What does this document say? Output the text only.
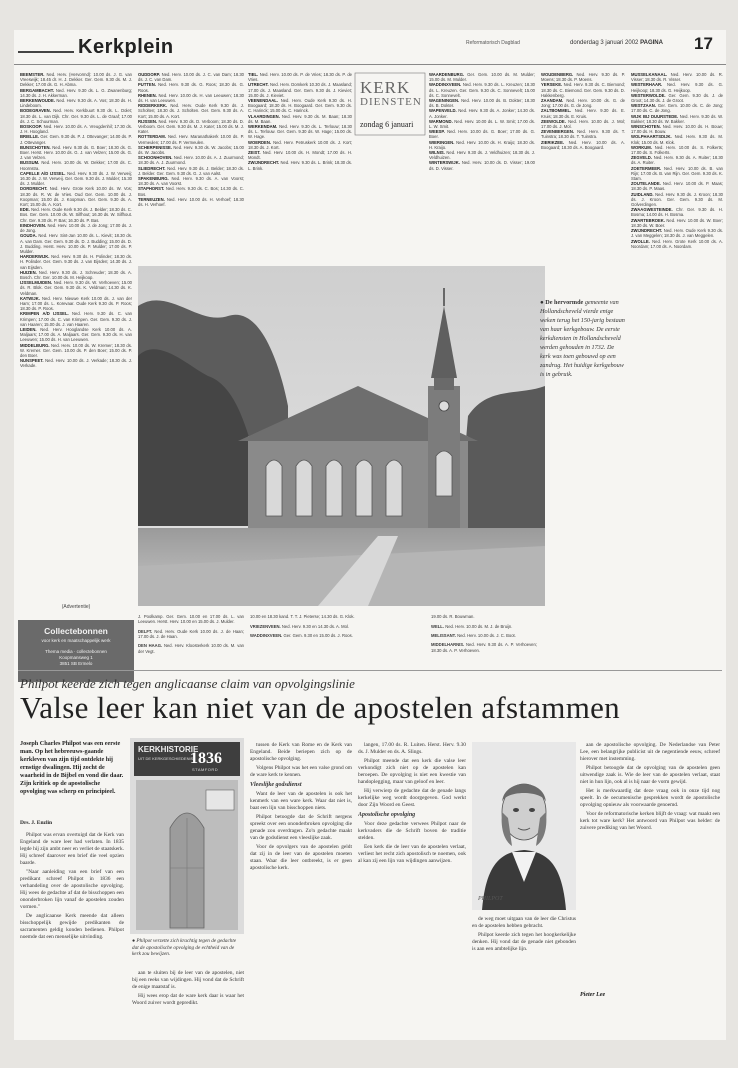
Kerkplein	Reformatorisch Dagblad	donderdag 3 januari 2002 PAGINA 17

BEEMSTER. Ned. Herv. (Hervormd): 10.00 ds. J. G. van Vreeswijk; 18.45 dr. H. J. Dekker. Ger. Gem. 9.30 ds. M. J. Dekker; 17.00 ds. G. H. Abma.

BERGAMBACHT. Ned. Herv. 9.30 ds. L. G. Zwanenburg; 14.30 ds. J. H. Akkerman.

BERKENWOUDE. Ned. Herv. 9.30 ds. A. Vos; 18.30 ds. H. Lindeboom.

BODEGRAVEN. Ned. Herv. Kerkbuurt 9.30 ds. L. Dolet; 18.30 ds. L. van Dijk. Chr. Ger. 9.30 ds. L. de Graaf; 17.00 ds. J. C. Schuurman.

BOSKOOP. Ned. Herv. 10.00 ds. A. Vreugdenhil; 17.30 ds. J. H. Hoogland.

BRIELLE. Ger. Gem. 9.30 ds. P. J. Ottevanger; 14.00 ds. P. J. Ottevanger.

BUNSCHOTEN. Ned. Herv. 9.30 ds. G. Boer; 18.30 ds. G. Boer. Herst. Herv. 10.00 ds. G. J. van Velzen; 15.00 ds. G. J. van Velzen.

BUSSUM. Ned. Herv. 10.00 ds. W. Dekker; 17.00 ds. C. Hoornstra.

CAPELLE A/D IJSSEL. Ned. Herv. 9.30 ds. J. W. Verweij; 16.30 ds. J. W. Verweij. Ger. Gem. 9.30 ds. J. Mulder; 15.30 ds. J. Mulder.

DORDRECHT. Ned. Herv. Grote Kerk 10.00 ds. W. Vos; 18.30 ds. R. W. de Vries. Oud Ger. Gem. 10.00 ds. J. Koopman; 15.00 ds. J. Koopman. Ger. Gem. 9.30 ds. A. Kort; 15.00 ds. A. Kort.

EDE. Ned. Herv. Oude Kerk 9.30 ds. J. Belder; 18.30 ds. C. Bos. Ger. Gem. 10.00 ds. W. Silfhout; 16.30 ds. W. Silfhout. Chr. Ger. 9.30 ds. P. Bas; 16.30 ds. P. Bas.

EINDHOVEN. Ned. Herv. 10.00 ds. J. de Jong; 17.00 ds. J. de Jong.

GOUDA. Ned. Herv. Sint-Jan 10.00 ds. L. Kievit; 18.30 ds. A. van Dam. Ger. Gem. 9.30 ds. D. J. Budding; 15.00 ds. D. J. Budding. Herst. Herv. 10.00 ds. P. Mulder; 17.00 ds. P. Mulder.

HARDERWIJK. Ned. Herv. 9.30 ds. H. Polinder; 18.30 ds. H. Polinder. Ger. Gem. 9.30 ds. J. van Eijsden; 14.30 ds. J. van Eijsden.

HUIZEN. Ned. Herv. 9.30 ds. J. Schreuder; 18.30 ds. A. Bosch. Chr. Ger. 10.00 ds. M. Heijkoop.

IJSSELMUIDEN. Ned. Herv. 9.30 ds. W. Verhoeven; 15.00 ds. R. Blok. Ger. Gem. 9.30 ds. K. Veldman; 14.30 ds. K. Veldman.

KATWIJK. Ned. Herv. Nieuwe Kerk 10.00 ds. J. van der Ham; 17.00 ds. L. Korevaar. Oude Kerk 9.30 ds. P. Roos; 18.30 ds. P. Roos.

KRIMPEN A/D IJSSEL. Ned. Herv. 9.30 ds. C. van Krimpen; 17.00 ds. C. van Krimpen. Ger. Gem. 9.30 ds. J. van Haaren; 15.00 ds. J. van Haaren.

LEIDEN. Ned. Herv. Hooglandse Kerk 10.00 ds. A. Maljaars; 17.00 ds. A. Maljaars. Ger. Gem. 9.30 ds. H. van Leeuwen; 15.00 ds. H. van Leeuwen.

MIDDELBURG. Ned. Herv. 10.00 ds. W. Kremer; 18.30 ds. W. Kremer. Ger. Gem. 10.00 ds. P. den Boer; 15.00 ds. P. den Boer.

NUNSPEET. Ned. Herv. 10.00 ds. J. Verkade; 18.30 ds. J. Verkade.

OUDDORP. Ned. Herv. 10.00 ds. J. C. van Dam; 18.30 ds. J. C. van Dam.

PUTTEN. Ned. Herv. 9.30 ds. G. Roos; 18.30 ds. G. Roos.

RHENEN. Ned. Herv. 10.00 ds. H. van Leeuwen; 18.30 ds. H. van Leeuwen.

RIDDERKERK. Ned. Herv. Oude Kerk 9.30 ds. J. Scholten; 18.30 ds. J. Scholten. Ger. Gem. 9.30 ds. A. Kort; 15.00 ds. A. Kort.

RIJSSEN. Ned. Herv. 9.30 ds. D. Verboom; 18.30 ds. D. Verboom. Ger. Gem. 9.30 ds. M. J. Kater; 15.00 ds. M. J. Kater.

ROTTERDAM. Ned. Herv. Maranathakerk 10.00 ds. P. Vermeulen; 17.00 ds. P. Vermeulen.

SCHERPENISSE. Ned. Herv. 9.30 ds. W. Jacobs; 15.00 ds. W. Jacobs.

SCHOONHOVEN. Ned. Herv. 10.00 ds. A. J. Zuurmond; 18.30 ds. A. J. Zuurmond.

SLIEDRECHT. Ned. Herv. 9.30 ds. J. Belder; 18.30 ds. J. Belder. Ger. Gem. 9.30 ds. G. J. van Aalst.

SPAKENBURG. Ned. Herv. 9.30 ds. A. van Voorst; 18.30 ds. A. van Voorst.

STAPHORST. Ned. Herv. 9.30 ds. C. Bos; 14.30 ds. C. Bos.

TERNEUZEN. Ned. Herv. 10.00 ds. H. Verhoef; 18.30 ds. H. Verhoef.

TIEL. Ned. Herv. 10.00 ds. P. de Vries; 18.30 ds. P. de Vries.

UTRECHT. Ned. Herv. Domkerk 10.30 ds. J. Maasland; 17.00 ds. J. Maasland. Ger. Gem. 9.30 ds. J. Kieviet; 15.00 ds. J. Kieviet.

VEENENDAAL. Ned. Herv. Oude Kerk 9.30 ds. H. Boogaard; 18.30 ds. H. Boogaard. Ger. Gem. 9.30 ds. C. Harinck; 15.00 ds. C. Harinck.

VLAARDINGEN. Ned. Herv. 9.30 ds. M. Baan; 18.30 ds. M. Baan.

WERKENDAM. Ned. Herv. 9.30 ds. L. Terlouw; 18.30 ds. L. Terlouw. Ger. Gem. 9.30 ds. W. Hage; 15.00 ds. W. Hage.

WOERDEN. Ned. Herv. Petruskerk 10.00 ds. J. Kort; 18.30 ds. J. Kort.

ZEIST. Ned. Herv. 10.00 ds. H. Mondt; 17.00 ds. H. Mondt.

ZWIJNDRECHT. Ned. Herv. 9.30 ds. L. Brink; 18.30 ds. L. Brink.

WAARDENBURG. Ger. Gem. 10.00 ds. M. Mulder; 15.00 ds. M. Mulder.

WADDINXVEEN. Ned. Herv. 9.30 ds. L. Kreuzen; 18.30 ds. L. Kreuzen. Ger. Gem. 9.30 ds. C. Sonnevelt; 15.00 ds. C. Sonnevelt.

WAGENINGEN. Ned. Herv. 10.00 ds. B. Dokter; 18.30 ds. B. Dokter.

WAPENVELD. Ned. Herv. 9.30 ds. A. Jonker; 14.30 ds. A. Jonker.

WARMOND. Ned. Herv. 10.00 ds. L. W. Smit; 17.00 ds. L. W. Smit.

WEESP. Ned. Herv. 10.00 ds. G. Boer; 17.00 ds. G. Boer.

WIERINGEN. Ned. Herv. 10.00 ds. H. Kraijo; 18.30 ds. H. Kraijo.

WILNIS. Ned. Herv. 9.30 ds. J. Veldhuizen; 18.30 ds. J. Veldhuizen.

WINTERSWIJK. Ned. Herv. 10.00 ds. D. Visser; 19.00 ds. D. Visser.

WOUDENBERG. Ned. Herv. 9.30 ds. P. Moens; 18.30 ds. P. Moens.

YERSEKE. Ned. Herv. 9.30 ds. C. Biemond; 18.30 ds. C. Biemond. Ger. Gem. 9.30 ds. D. Hakkenberg.

ZAANDAM. Ned. Herv. 10.00 ds. G. de Jong; 17.00 ds. G. de Jong.

ZALTBOMMEL. Ned. Herv. 9.30 ds. E. Kruis; 18.30 ds. E. Kruis.

ZEEWOLDE. Ned. Herv. 10.00 ds. J. Mol; 17.00 ds. J. Mol.

ZEVENBERGEN. Ned. Herv. 9.30 ds. T. Tuinstra; 18.30 ds. T. Tuinstra.

ZIERIKZEE. Ned. Herv. 10.00 ds. A. Boogaard; 18.30 ds. A. Boogaard.

MUSSELKANAAL. Ned. Herv. 10.00 ds. R. Visser; 18.30 ds. R. Visser.

WESTERHAAR. Ned. Herv. 9.30 ds. G. Heijkoop; 18.30 ds. G. Heijkoop.

WESTERWOLDE. Ger. Gem. 9.30 ds. J. de Groot; 14.30 ds. J. de Groot.

WESTZAAN. Ger. Gem. 10.00 ds. C. de Jong; 17.00 ds. C. de Jong.

WIJK BIJ DUURSTEDE. Ned. Herv. 9.30 ds. W. Bakker; 18.30 ds. W. Bakker.

WINSCHOTEN. Ned. Herv. 10.00 ds. H. Bouw; 17.00 ds. H. Bouw.

WOLPHAARTSDIJK. Ned. Herv. 9.30 ds. M. Klok; 15.00 ds. M. Klok.

WORKUM. Ned. Herv. 10.00 ds. S. Folkerts; 17.00 ds. S. Folkerts.

ZEGVELD. Ned. Herv. 9.30 ds. A. Ruiter; 18.30 ds. A. Ruiter.

ZOETERMEER. Ned. Herv. 10.00 ds. B. van Rijn; 17.00 ds. B. van Rijn. Ger. Gem. 9.30 ds. K. Stam.

ZOUTELANDE. Ned. Herv. 10.00 ds. P. Maas; 18.30 ds. P. Maas.

ZUIDLAND. Ned. Herv. 9.30 ds. J. Kroon; 18.30 ds. J. Kroon. Ger. Gem. 9.30 ds. M. Golverdingen.

ZWAAGWESTEINDE. Chr. Ger. 9.30 ds. H. Bosma; 14.00 ds. H. Bosma.

ZWARTEBROEK. Ned. Herv. 10.00 ds. W. Boer; 18.30 ds. W. Boer.

ZWIJNDRECHT. Ned. Herv. Oude Kerk 9.30 ds. J. van Meggelen; 18.30 ds. J. van Meggelen.

ZWOLLE. Ned. Herv. Grote Kerk 10.00 ds. A. Noordam; 17.00 ds. A. Noordam.

KERK
DIENSTEN
zondag 6 januari
● De hervormde gemeente van Hollandscheveld vierde enige weken terug het 150-jarig bestaan van haar kerkgebouw. De eerste kerkdiensten in Hollandscheveld werden gehouden in 1732. De kerk was toen gebouwd op een zandrug. Het huidige kerkgebouw is in gebruik.

J. Poolkamp. Ger. Gem. 10.00 en 17.00 ds. L. van Leeuwen. Herst. Herv. 10.00 en 15.00 ds. J. Mulder.

DELFT. Ned. Herv. Oude Kerk 10.00 ds. J. de Haan; 17.00 ds. J. de Haan.

DEN HAAG. Ned. Herv. Kloosterkerk 10.00 ds. M. van der Vegt.

10.00 en 18.30 kand. T. T. J. Pieterse; 14.30 ds. G. Klok.

VRIEZENVEEN. Ned. Herv. 9.30 en 14.30 ds. A. Mol.

WADDINXVEEN. Ger. Gem. 9.30 en 15.00 ds. J. Roos.

19.00 ds. R. Bouwman.

WELL. Ned. Herv. 10.00 ds. M. J. de Bruijn.

MELISSANT. Ned. Herv. 10.00 ds. J. C. Boot.

MIDDELHARNIS. Ned. Herv. 9.30 ds. A. P. Verhoeven; 18.30 ds. A. P. Verhoeven.

(Advertentie)
Collectebonnen
voor kerk en maatschappelijk werk
Thema media · collectebonnen
Koopmansweg 1
3851 SB Ermelo
Philpot keerde zich tegen anglicaanse claim van opvolgingslinie
Valse leer kan niet van de apostelen afstammen
Joseph Charles Philpot was een eerste man. Op het hebreeuws-gaande kerkleven van zijn tijd ontdekte hij ernstige dwalingen. Hij zocht de waarheid in de Bijbel en vond die daar. Zijn kritiek op de apostolische opvolging was scherp en principieel.
Drs. J. Enzlin

Philpot was ervan overtuigd dat de Kerk van Engeland de ware leer had verlaten. In 1835 legde hij zijn ambt neer en verliet de staatskerk. Hij schreef daarover een brief die veel opzien baarde.

"Naar aanleiding van een brief van een predikant schreef Philpot in 1836 een verhandeling over de apostolische opvolging. Hij wees de gedachte af dat de bisschoppen een ononderbroken lijn vanaf de apostelen zouden vormen."

De anglicaanse Kerk meende dat alleen bisschoppelijk gewijde predikanten de sacramenten geldig konden bedienen. Philpot noemde dat een menselijke uitvinding.

KERKHISTORIE
UIT DE KERKGESCHIEDENIS
1836
STAMFORD
● Philpot verzette zich krachtig tegen de gedachte dat de apostolische opvolging de echtheid van de kerk zou bewijzen.

aan te sluiten bij de leer van de apostelen, niet bij een reeks van wijdingen. Hij vond dat de Schrift de enige maatstaf is.

Hij wees erop dat de ware kerk daar is waar het Woord zuiver wordt gepredikt.

tussen de Kerk van Rome en de Kerk van Engeland. Beide beriepen zich op de apostolische opvolging.

Volgens Philpot was het een valse grond om de ware kerk te kennen.

Vleeslijke godsdienst

Want de leer van de apostelen is ook het kenmerk van een ware kerk. Waar dat niet is, baat een lijn van bisschoppen niets.

Philpot betoogde dat de Schrift nergens spreekt over een ononderbroken opvolging die genade zou overdragen. Zo'n gedachte maakt van de godsdienst een vleeslijke zaak.

Voor de opvolgers van de apostelen geldt dat zij in de leer van de apostelen moeten staan. Waar die leer ontbreekt, is er geen apostolische kerk.

langen, 17.00 ds. R. Luiten. Herst. Herv. 9.30 ds. J. Mulder en ds. A. Slings.

Philpot meende dat een kerk die valse leer verkondigt zich niet op de apostelen kan beroepen. De opvolging is niet een kwestie van handoplegging, maar van geloof en leer.

Hij verwierp de gedachte dat de genade langs kerkelijke weg wordt doorgegeven. God werkt door Zijn Woord en Geest.

Apostolische opvolging

Voor deze gedachte verwees Philpot naar de kerkvaders die de Schrift boven de traditie stelden.

Een kerk die de leer van de apostelen verlaat, verliest het recht zich apostolisch te noemen, ook al kan zij een lijn van wijdingen aanwijzen.

PHILPOT

de weg moet uitgaan van de leer die Christus en de apostelen hebben gebracht.

Philpot keerde zich tegen het hoogkerkelijke denken. Hij vond dat de genade niet gebonden is aan een ambtelijke lijn.

aan de apostolische opvolging. De Nederlandse van Peter Lee, een belangrijke publicist uit de negentiende eeuw, schreef hierover met instemming.

Philpot betoogde dat de opvolging van de apostelen geen uitwendige zaak is. Wie de leer van de apostelen verlaat, staat niet in hun lijn, ook al is hij naar de vorm gewijd.

Het is merkwaardig dat deze vraag ook in onze tijd nog speelt. In de oecumenische gesprekken wordt de apostolische opvolging opnieuw als voorwaarde genoemd.

Voor de reformatorische kerken blijft de vraag: wat maakt een kerk tot ware kerk? Het antwoord van Philpot was helder: de zuivere prediking van het Woord.

Pieter Lee
